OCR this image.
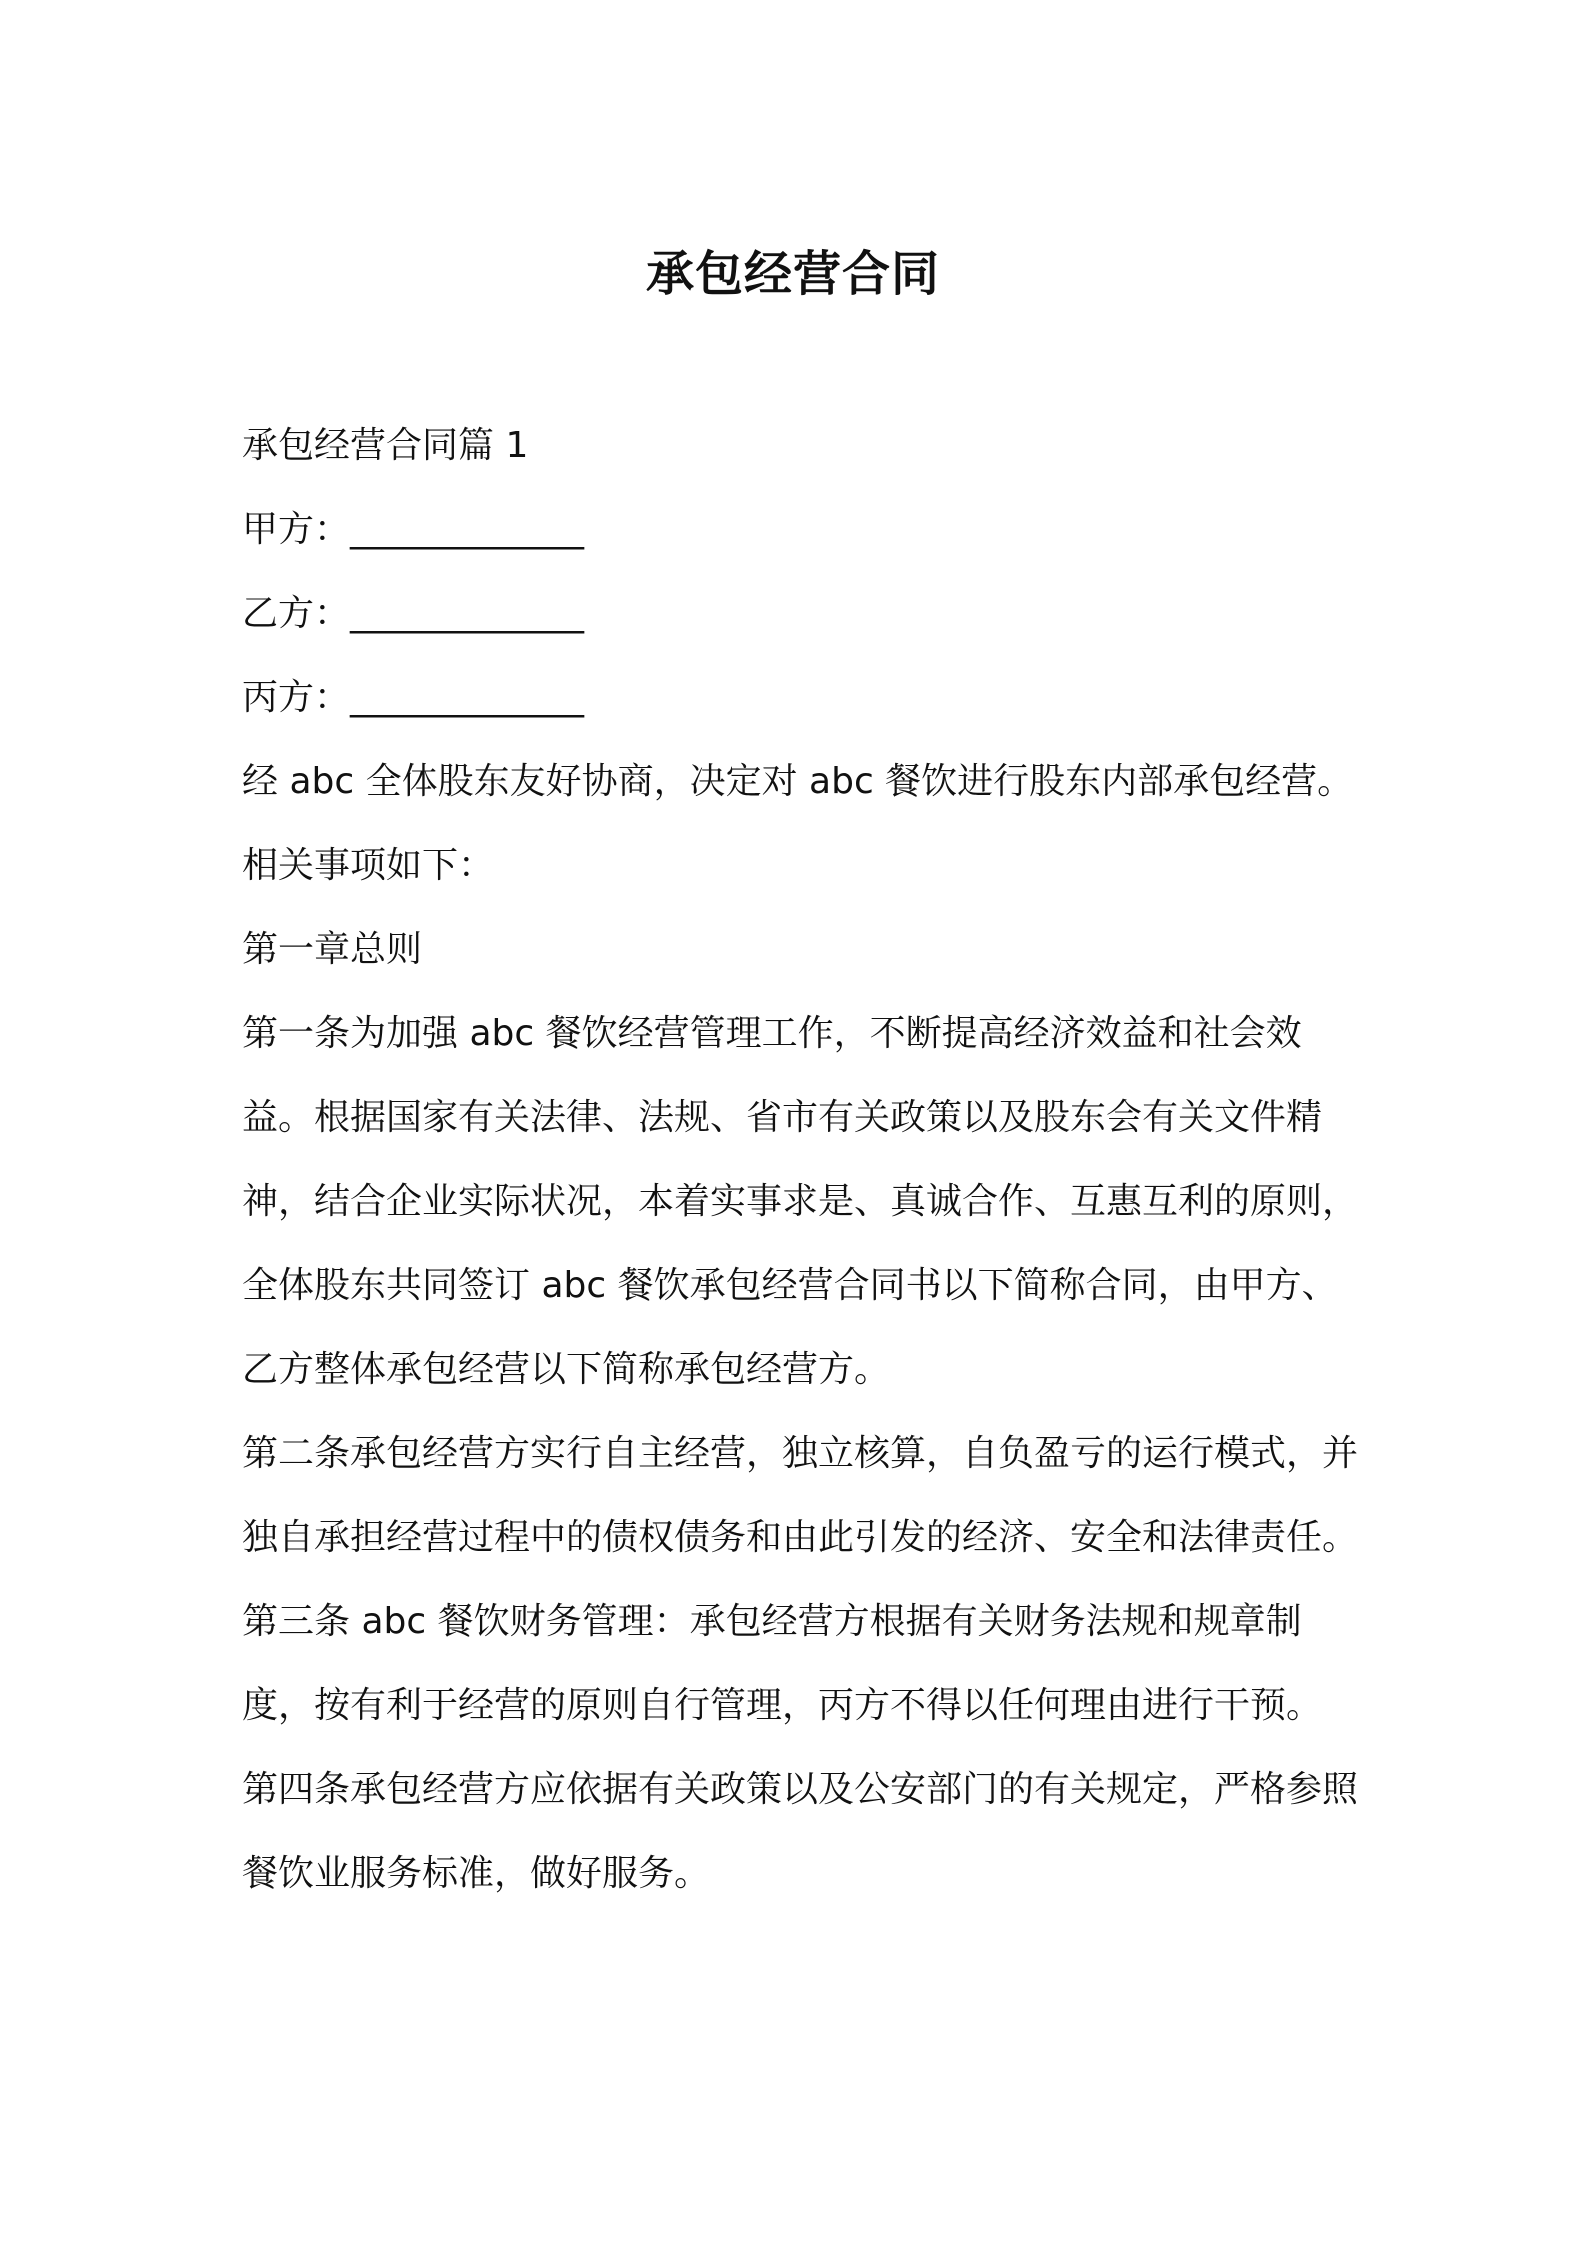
承包经营合同

承包经营合同篇 1

甲方：_____________

乙方：_____________

丙方：_____________

经 abc 全体股东友好协商，决定对 abc 餐饮进行股东内部承包经营。

相关事项如下：

第一章总则

第一条为加强 abc 餐饮经营管理工作，不断提高经济效益和社会效益。根据国家有关法律、法规、省市有关政策以及股东会有关文件精神，结合企业实际状况，本着实事求是、真诚合作、互惠互利的原则，全体股东共同签订 abc 餐饮承包经营合同书以下简称合同，由甲方、乙方整体承包经营以下简称承包经营方。

第二条承包经营方实行自主经营，独立核算，自负盈亏的运行模式，并独自承担经营过程中的债权债务和由此引发的经济、安全和法律责任。

第三条 abc 餐饮财务管理：承包经营方根据有关财务法规和规章制度，按有利于经营的原则自行管理，丙方不得以任何理由进行干预。

第四条承包经营方应依据有关政策以及公安部门的有关规定，严格参照餐饮业服务标准，做好服务。
